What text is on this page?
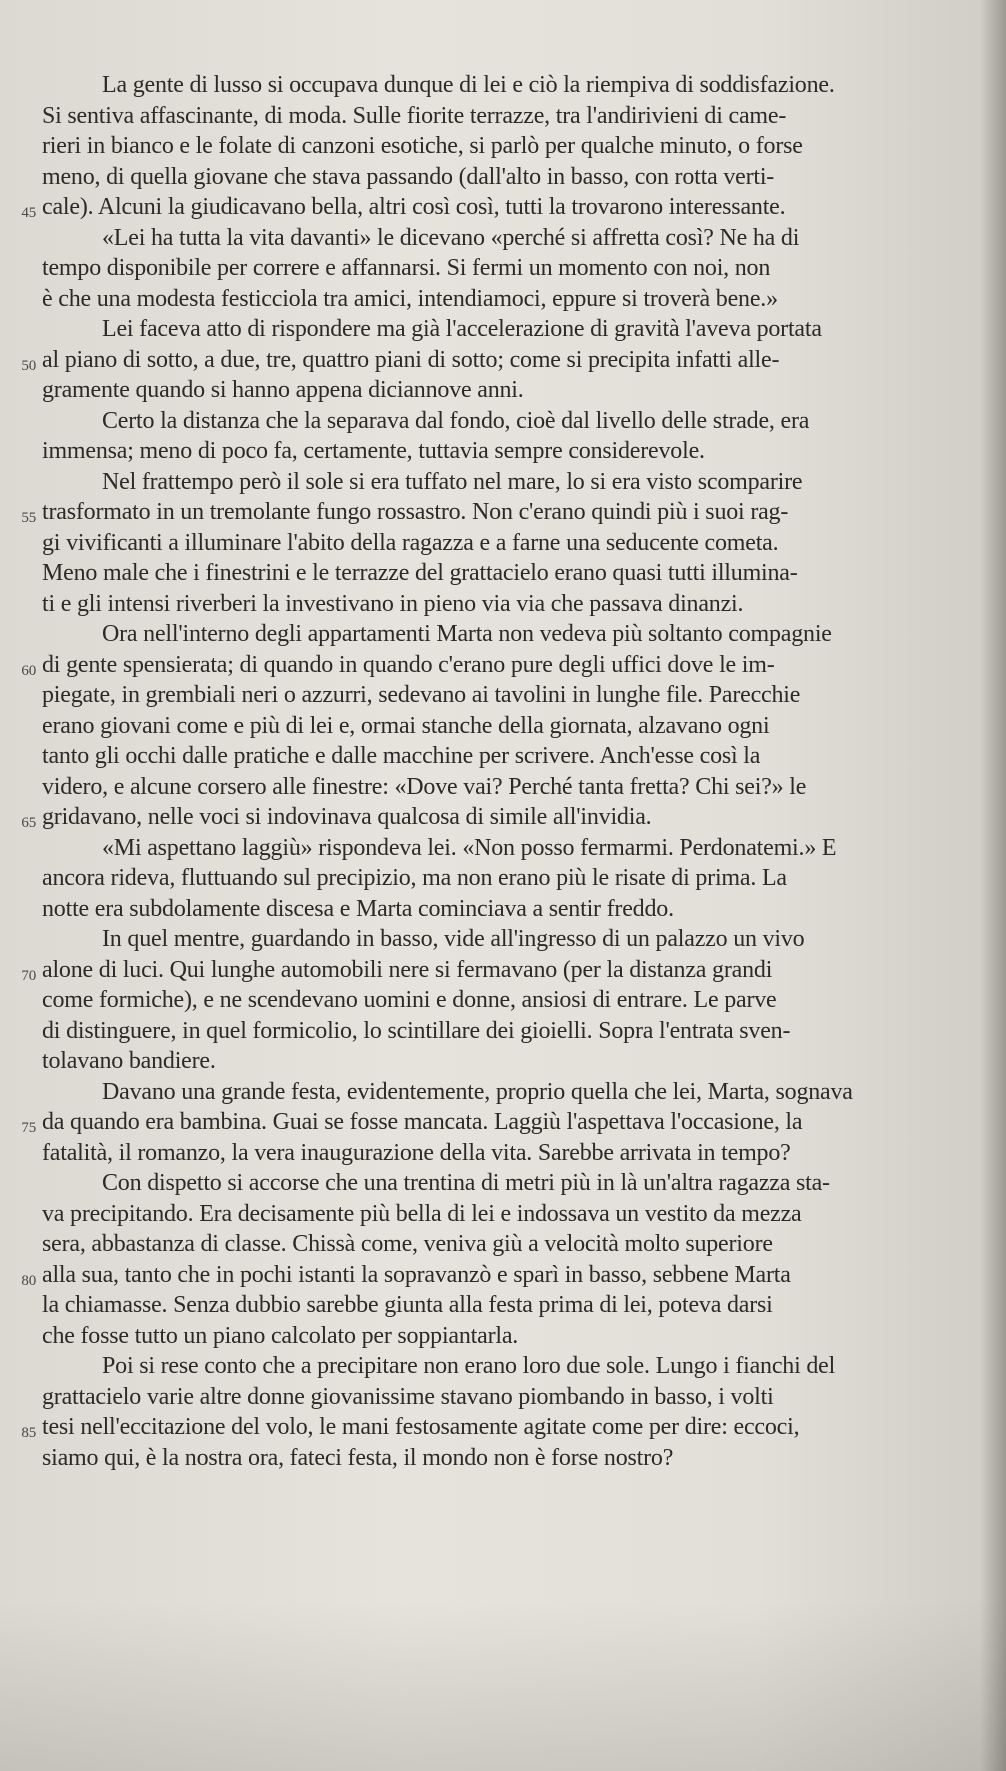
La gente di lusso si occupava dunque di lei e ciò la riempiva di soddisfazione.
Si sentiva affascinante, di moda. Sulle fiorite terrazze, tra l'andirivieni di came-
rieri in bianco e le folate di canzoni esotiche, si parlò per qualche minuto, o forse
meno, di quella giovane che stava passando (dall'alto in basso, con rotta verti-
45 cale). Alcuni la giudicavano bella, altri così così, tutti la trovarono interessante.
«Lei ha tutta la vita davanti» le dicevano «perché si affretta così? Ne ha di
tempo disponibile per correre e affannarsi. Si fermi un momento con noi, non
è che una modesta festicciola tra amici, intendiamoci, eppure si troverà bene.»
Lei faceva atto di rispondere ma già l'accelerazione di gravità l'aveva portata
50 al piano di sotto, a due, tre, quattro piani di sotto; come si precipita infatti alle-
gramente quando si hanno appena diciannove anni.
Certo la distanza che la separava dal fondo, cioè dal livello delle strade, era
immensa; meno di poco fa, certamente, tuttavia sempre considerevole.
Nel frattempo però il sole si era tuffato nel mare, lo si era visto scomparire
55 trasformato in un tremolante fungo rossastro. Non c'erano quindi più i suoi rag-
gi vivificanti a illuminare l'abito della ragazza e a farne una seducente cometa.
Meno male che i finestrini e le terrazze del grattacielo erano quasi tutti illumina-
ti e gli intensi riverberi la investivano in pieno via via che passava dinanzi.
Ora nell'interno degli appartamenti Marta non vedeva più soltanto compagnie
60 di gente spensierata; di quando in quando c'erano pure degli uffici dove le im-
piegate, in grembiali neri o azzurri, sedevano ai tavolini in lunghe file. Parecchie
erano giovani come e più di lei e, ormai stanche della giornata, alzavano ogni
tanto gli occhi dalle pratiche e dalle macchine per scrivere. Anch'esse così la
videro, e alcune corsero alle finestre: «Dove vai? Perché tanta fretta? Chi sei?» le
65 gridavano, nelle voci si indovinava qualcosa di simile all'invidia.
«Mi aspettano laggiù» rispondeva lei. «Non posso fermarmi. Perdonatemi.» E
ancora rideva, fluttuando sul precipizio, ma non erano più le risate di prima. La
notte era subdolamente discesa e Marta cominciava a sentir freddo.
In quel mentre, guardando in basso, vide all'ingresso di un palazzo un vivo
70 alone di luci. Qui lunghe automobili nere si fermavano (per la distanza grandi
come formiche), e ne scendevano uomini e donne, ansiosi di entrare. Le parve
di distinguere, in quel formicolio, lo scintillare dei gioielli. Sopra l'entrata sven-
tolavano bandiere.
Davano una grande festa, evidentemente, proprio quella che lei, Marta, sognava
75 da quando era bambina. Guai se fosse mancata. Laggiù l'aspettava l'occasione, la
fatalità, il romanzo, la vera inaugurazione della vita. Sarebbe arrivata in tempo?
Con dispetto si accorse che una trentina di metri più in là un'altra ragazza sta-
va precipitando. Era decisamente più bella di lei e indossava un vestito da mezza
sera, abbastanza di classe. Chissà come, veniva giù a velocità molto superiore
80 alla sua, tanto che in pochi istanti la sopravanzò e sparì in basso, sebbene Marta
la chiamasse. Senza dubbio sarebbe giunta alla festa prima di lei, poteva darsi
che fosse tutto un piano calcolato per soppiantarla.
Poi si rese conto che a precipitare non erano loro due sole. Lungo i fianchi del
grattacielo varie altre donne giovanissime stavano piombando in basso, i volti
85 tesi nell'eccitazione del volo, le mani festosamente agitate come per dire: eccoci,
siamo qui, è la nostra ora, fateci festa, il mondo non è forse nostro?
